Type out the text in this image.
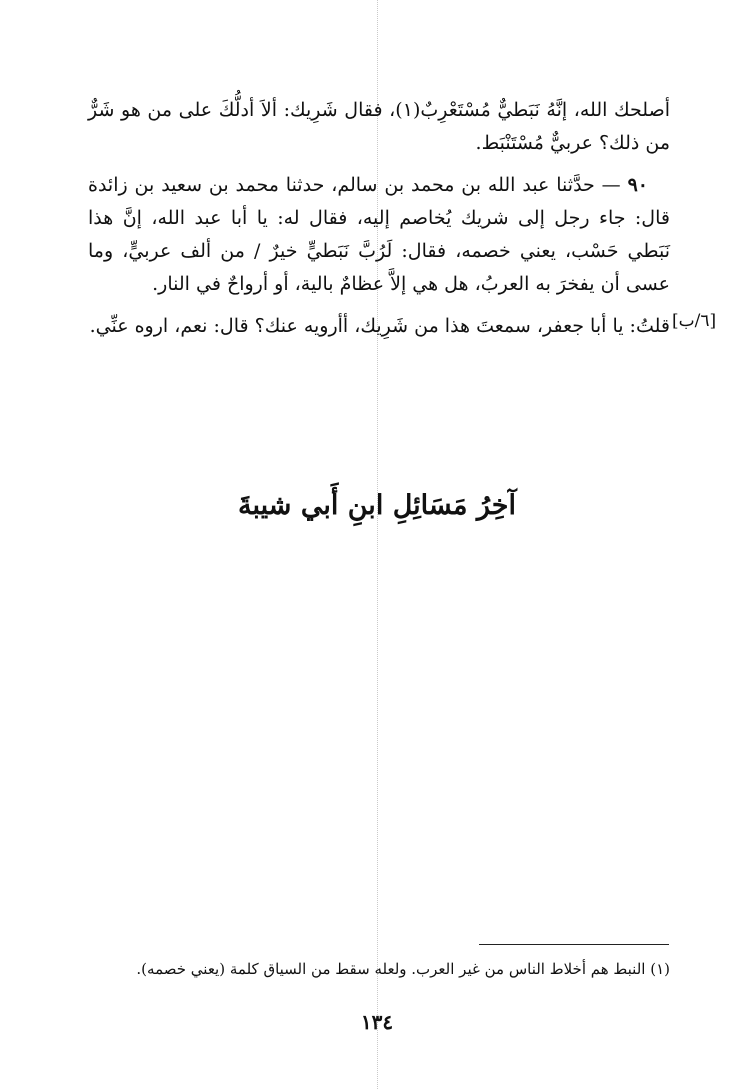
أصلحك الله، إنَّهُ نَبَطيٌّ مُسْتَعْرِبٌ(١)، فقال شَرِيك: ألاَ أدلُّكَ على من هو شَرٌّ من ذلك؟ عربيٌّ مُسْتَنْبَط.

٩٠ — حدَّثنا عبد الله بن محمد بن سالم، حدثنا محمد بن سعيد بن زائدة قال: جاء رجل إلى شريك يُخاصم إليه، فقال له: يا أبا عبد الله، إنَّ هذا نَبَطي حَسْب، يعني خصمه، فقال: لَرُبَّ نَبَطيٍّ خيرٌ / من ألف عربيٍّ، وما عسى أن يفخرَ به العربُ، هل هي إلاَّ عظامٌ بالية، أو أرواحٌ في النار.

قلتُ: يا أبا جعفر، سمعتَ هذا من شَرِيك، أأرويه عنك؟ قال: نعم، اروه عنِّي. [٦/ب]
آخِرُ مَسَائِلِ ابنِ أَبي شيبةَ
(١) النبط هم أخلاط الناس من غير العرب. ولعله سقط من السياق كلمة (يعني خصمه).
١٣٤
